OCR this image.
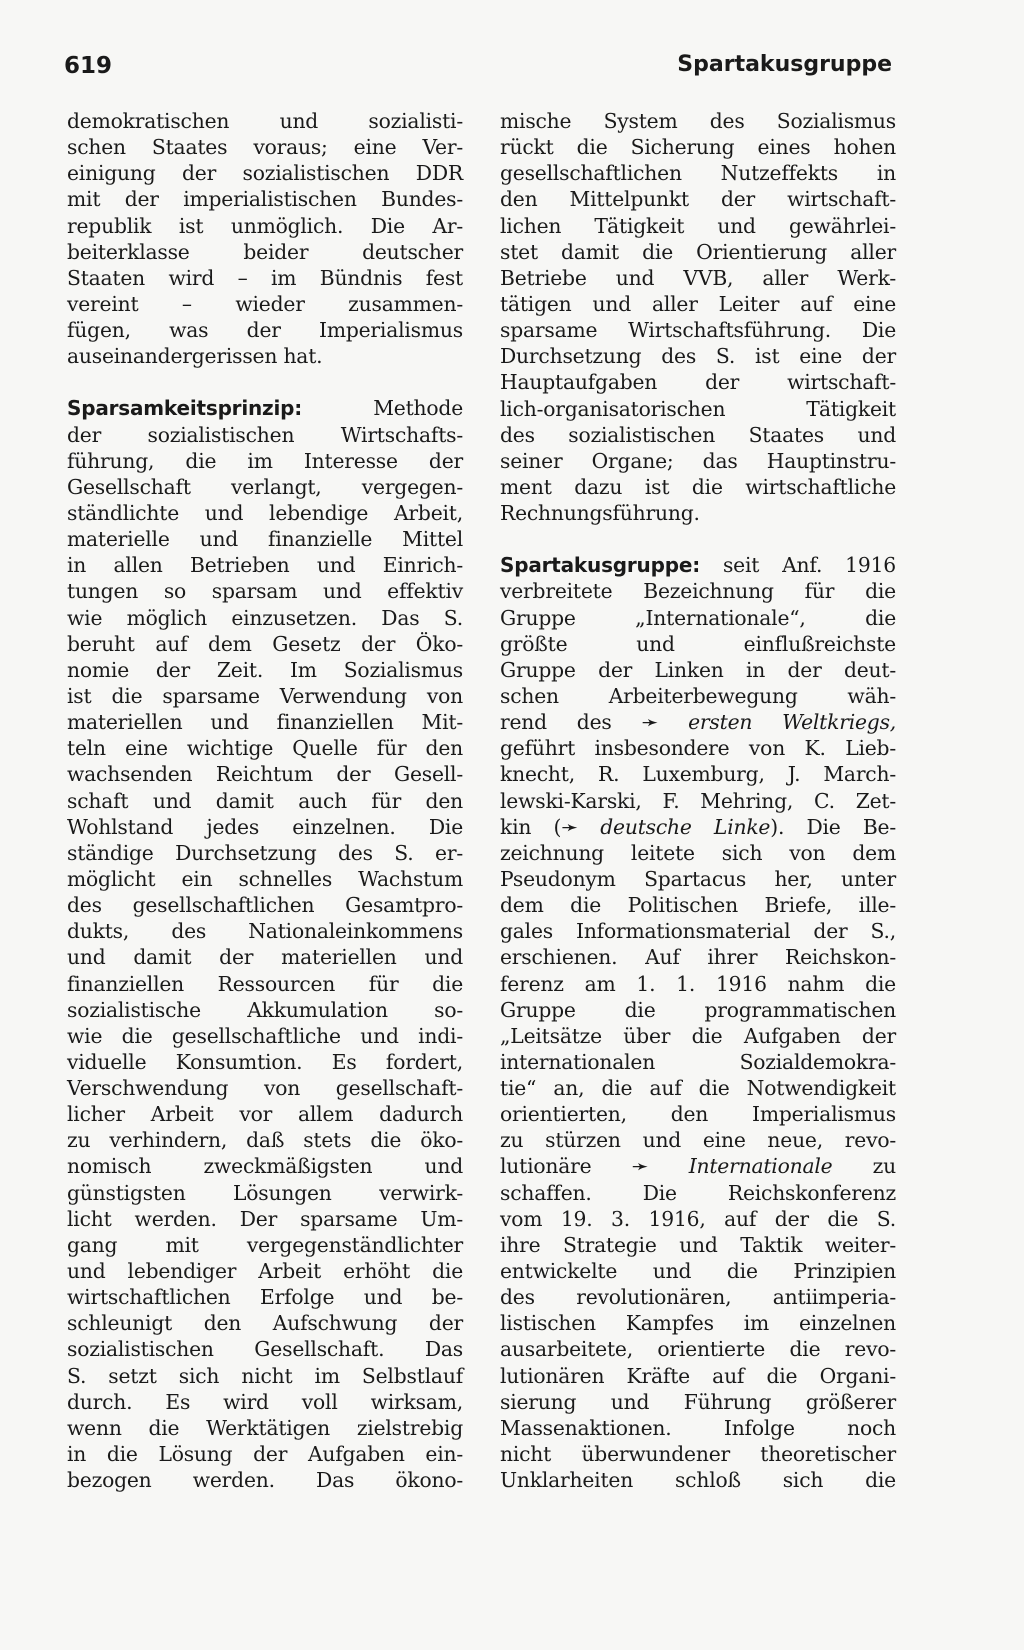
619	Spartakusgruppe
demokratischen und sozialisti-
schen Staates voraus; eine Ver-
einigung der sozialistischen DDR
mit der imperialistischen Bundes-
republik ist unmöglich. Die Ar-
beiterklasse beider deutscher
Staaten wird – im Bündnis fest
vereint – wieder zusammen-
fügen, was der Imperialismus
auseinandergerissen hat.
Sparsamkeitsprinzip:	Methode
der sozialistischen Wirtschafts-
führung, die im Interesse der
Gesellschaft verlangt, vergegen-
ständlichte und lebendige Arbeit,
materielle und finanzielle Mittel
in allen Betrieben und Einrich-
tungen so sparsam und effektiv
wie möglich einzusetzen. Das S.
beruht auf dem Gesetz der Öko-
nomie der Zeit. Im Sozialismus
ist die sparsame Verwendung von
materiellen und finanziellen Mit-
teln eine wichtige Quelle für den
wachsenden Reichtum der Gesell-
schaft und damit auch für den
Wohlstand jedes einzelnen. Die
ständige Durchsetzung des S. er-
möglicht ein schnelles Wachstum
des gesellschaftlichen Gesamtpro-
dukts, des Nationaleinkommens
und damit der materiellen und
finanziellen Ressourcen für die
sozialistische Akkumulation so-
wie die gesellschaftliche und indi-
viduelle Konsumtion. Es fordert,
Verschwendung von gesellschaft-
licher Arbeit vor allem dadurch
zu verhindern, daß stets die öko-
nomisch zweckmäßigsten und
günstigsten Lösungen verwirk-
licht werden. Der sparsame Um-
gang mit vergegenständlichter
und lebendiger Arbeit erhöht die
wirtschaftlichen Erfolge und be-
schleunigt den Aufschwung der
sozialistischen Gesellschaft. Das
S. setzt sich nicht im Selbstlauf
durch. Es wird voll wirksam,
wenn die Werktätigen zielstrebig
in die Lösung der Aufgaben ein-
bezogen werden. Das ökono-
mische System des Sozialismus
rückt die Sicherung eines hohen
gesellschaftlichen Nutzeffekts in
den Mittelpunkt der wirtschaft-
lichen Tätigkeit und gewährlei-
stet damit die Orientierung aller
Betriebe und VVB, aller Werk-
tätigen und aller Leiter auf eine
sparsame Wirtschaftsführung. Die
Durchsetzung des S. ist eine der
Hauptaufgaben der wirtschaft-
lich-organisatorischen Tätigkeit
des sozialistischen Staates und
seiner Organe; das Hauptinstru-
ment dazu ist die wirtschaftliche
Rechnungsführung.
Spartakusgruppe: seit Anf. 1916
verbreitete Bezeichnung für die
Gruppe „Internationale“, die
größte und einflußreichste
Gruppe der Linken in der deut-
schen Arbeiterbewegung wäh-
rend des ➛ ersten Weltkriegs,
geführt insbesondere von K. Lieb-
knecht, R. Luxemburg, J. March-
lewski-Karski, F. Mehring, C. Zet-
kin (➛ deutsche Linke). Die Be-
zeichnung leitete sich von dem
Pseudonym Spartacus her, unter
dem die Politischen Briefe, ille-
gales Informationsmaterial der S.,
erschienen. Auf ihrer Reichskon-
ferenz am 1. 1. 1916 nahm die
Gruppe die programmatischen
„Leitsätze über die Aufgaben der
internationalen Sozialdemokra-
tie“ an, die auf die Notwendigkeit
orientierten, den Imperialismus
zu stürzen und eine neue, revo-
lutionäre ➛ Internationale zu
schaffen. Die Reichskonferenz
vom 19. 3. 1916, auf der die S.
ihre Strategie und Taktik weiter-
entwickelte und die Prinzipien
des revolutionären, antiimperia-
listischen Kampfes im einzelnen
ausarbeitete, orientierte die revo-
lutionären Kräfte auf die Organi-
sierung und Führung größerer
Massenaktionen. Infolge noch
nicht überwundener theoretischer
Unklarheiten schloß sich die
